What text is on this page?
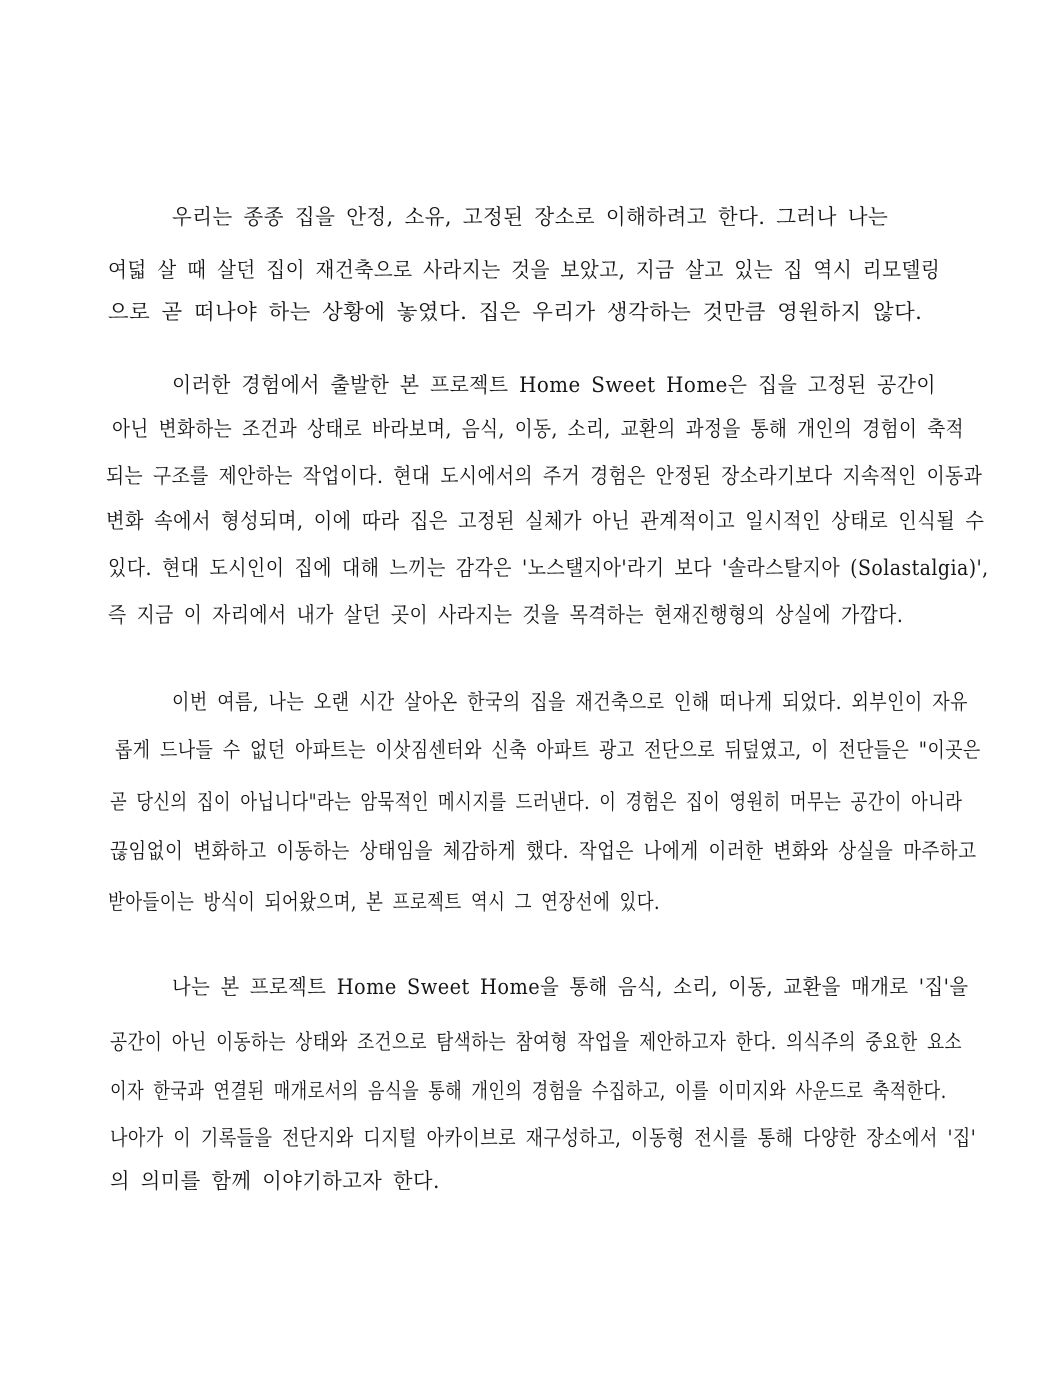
우리는 종종 집을 안정, 소유, 고정된 장소로 이해하려고 한다. 그러나 나는
여덟 살 때 살던 집이 재건축으로 사라지는 것을 보았고, 지금 살고 있는 집 역시 리모델링
으로 곧 떠나야 하는 상황에 놓였다. 집은 우리가 생각하는 것만큼 영원하지 않다.
이러한 경험에서 출발한 본 프로젝트 Home Sweet Home은 집을 고정된 공간이
아닌 변화하는 조건과 상태로 바라보며, 음식, 이동, 소리, 교환의 과정을 통해 개인의 경험이 축적
되는 구조를 제안하는 작업이다. 현대 도시에서의 주거 경험은 안정된 장소라기보다 지속적인 이동과
변화 속에서 형성되며, 이에 따라 집은 고정된 실체가 아닌 관계적이고 일시적인 상태로 인식될 수
있다. 현대 도시인이 집에 대해 느끼는 감각은 '노스탤지아'라기 보다 '솔라스탈지아 (Solastalgia)',
즉 지금 이 자리에서 내가 살던 곳이 사라지는 것을 목격하는 현재진행형의 상실에 가깝다.
이번 여름, 나는 오랜 시간 살아온 한국의 집을 재건축으로 인해 떠나게 되었다. 외부인이 자유
롭게 드나들 수 없던 아파트는 이삿짐센터와 신축 아파트 광고 전단으로 뒤덮였고, 이 전단들은 "이곳은
곧 당신의 집이 아닙니다"라는 암묵적인 메시지를 드러낸다. 이 경험은 집이 영원히 머무는 공간이 아니라
끊임없이 변화하고 이동하는 상태임을 체감하게 했다. 작업은 나에게 이러한 변화와 상실을 마주하고
받아들이는 방식이 되어왔으며, 본 프로젝트 역시 그 연장선에 있다.
나는 본 프로젝트 Home Sweet Home을 통해 음식, 소리, 이동, 교환을 매개로 '집'을
공간이 아닌 이동하는 상태와 조건으로 탐색하는 참여형 작업을 제안하고자 한다. 의식주의 중요한 요소
이자 한국과 연결된 매개로서의 음식을 통해 개인의 경험을 수집하고, 이를 이미지와 사운드로 축적한다.
나아가 이 기록들을 전단지와 디지털 아카이브로 재구성하고, 이동형 전시를 통해 다양한 장소에서 '집'
의 의미를 함께 이야기하고자 한다.
